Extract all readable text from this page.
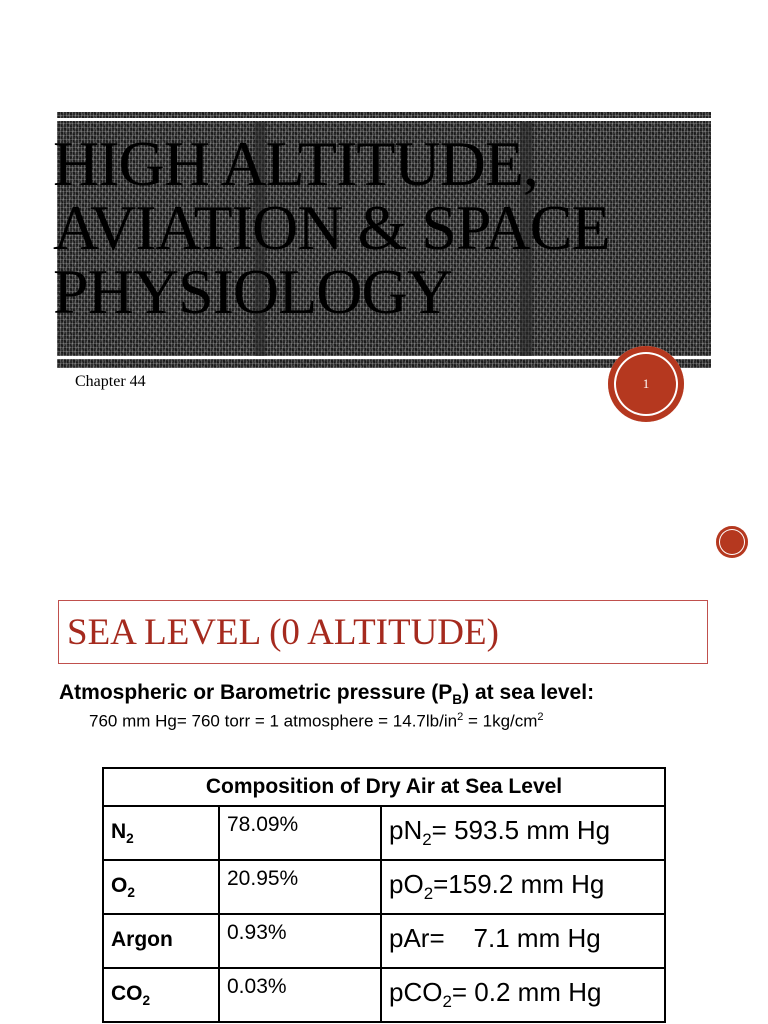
HIGH ALTITUDE,
AVIATION & SPACE
PHYSIOLOGY
Chapter 44	1
SEA LEVEL (0 ALTITUDE)
Atmospheric or Barometric pressure $(P_B)$ at sea level:
760 mm Hg= 760 torr = 1 atmosphere = $14.7lb/in^2 = 1kg/cm^2$
Composition of Dry Air at Sea Level		
$N_2$	78.09%	$pN_2= 593.5$ mm Hg
$O_2$	20.95%	$pO_2=159.2$ mm Hg
Argon	0.93%	pAr=    7.1 mm Hg
$CO_2$	0.03%	pCO$_2$= 0.2 mm Hg
